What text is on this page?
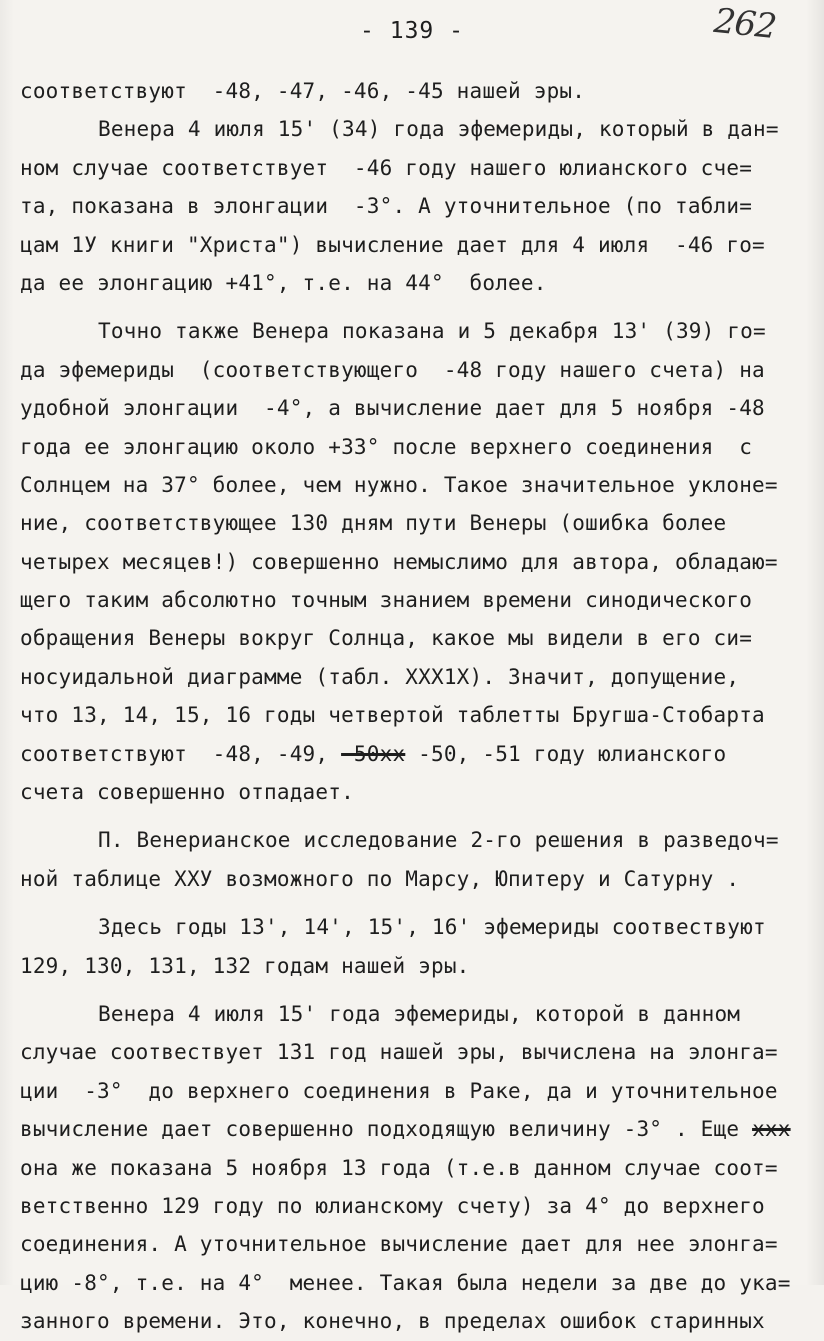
- 139 -	262
соответствуют  -48, -47, -46, -45 нашей эры.
Венера 4 июля 15' (34) года эфемериды, который в дан=
ном случае соответствует  -46 году нашего юлианского сче=
та, показана в элонгации  -3°. А уточнительное (по табли=
цам 1У книги "Христа") вычисление дает для 4 июля  -46 го=
да ее элонгацию +41°, т.е. на 44°  более.
Точно также Венера показана и 5 декабря 13' (39) го=
да эфемериды  (соответствующего  -48 году нашего счета) на
удобной элонгации  -4°, а вычисление дает для 5 ноября -48
года ее элонгацию около +33° после верхнего соединения  с
Солнцем на 37° более, чем нужно. Такое значительное уклоне=
ние, соответствующее 130 дням пути Венеры (ошибка более
четырех месяцев!) совершенно немыслимо для автора, обладаю=
щего таким абсолютно точным знанием времени синодического
обращения Венеры вокруг Солнца, какое мы видели в его си=
носуидальной диаграмме (табл. XXX1X). Значит, допущение,
что 13, 14, 15, 16 годы четвертой таблетты Бругша-Стобарта
соответствуют  -48, -49, -50хх -50, -51 году юлианского
счета совершенно отпадает.
П. Венерианское исследование 2-го решения в разведоч=
ной таблице XXУ возможного по Марсу, Юпитеру и Сатурну .
Здесь годы 13', 14', 15', 16' эфемериды соотвествуют
129, 130, 131, 132 годам нашей эры.
Венера 4 июля 15' года эфемериды, которой в данном
случае соотвествует 131 год нашей эры, вычислена на элонга=
ции  -3°  до верхнего соединения в Раке, да и уточнительное
вычисление дает совершенно подходящую величину -3° . Еще xxx
она же показана 5 ноября 13 года (т.е.в данном случае соот=
ветственно 129 году по юлианскому счету) за 4° до верхнего
соединения. А уточнительное вычисление дает для нее элонга=
цию -8°, т.е. на 4°  менее. Такая была недели за две до ука=
занного времени. Это, конечно, в пределах ошибок старинных
